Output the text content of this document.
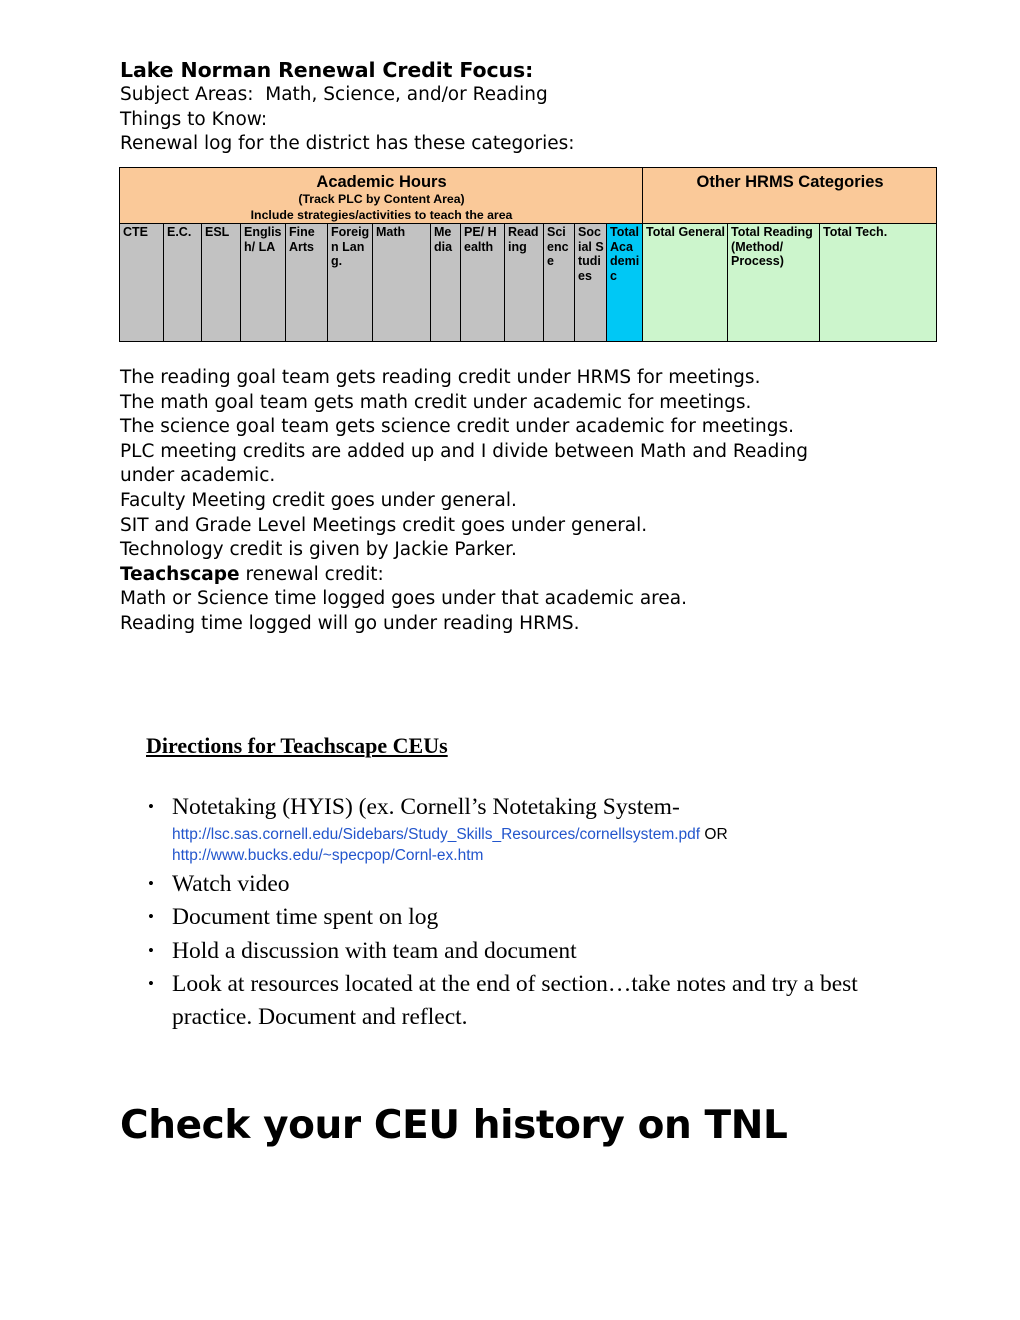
Lake Norman Renewal Credit Focus:
Subject Areas:  Math, Science, and/or Reading
Things to Know:
Renewal log for the district has these categories:
Academic Hours
(Track PLC by Content Area)
Include strategies/activities to teach the area													Other HRMS Categories		

CTE	E.C.	ESL	English/ LA	Fine Arts	Foreign Lang.	Math	Media	PE/ Health	Reading	Science	Social Studies	Total Academic	Total General	Total Reading (Method/ Process)	Total Tech.
The reading goal team gets reading credit under HRMS for meetings.
The math goal team gets math credit under academic for meetings.
The science goal team gets science credit under academic for meetings.
PLC meeting credits are added up and I divide between Math and Reading
under academic.
Faculty Meeting credit goes under general.
SIT and Grade Level Meetings credit goes under general.
Technology credit is given by Jackie Parker.
Teachscape renewal credit:
Math or Science time logged goes under that academic area.
Reading time logged will go under reading HRMS.
Directions for Teachscape CEUs
• Notetaking (HYIS) (ex. Cornell’s Notetaking System-
http://lsc.sas.cornell.edu/Sidebars/Study_Skills_Resources/cornellsystem.pdf OR
http://www.bucks.edu/~specpop/Cornl-ex.htm
• Watch video
• Document time spent on log
• Hold a discussion with team and document
• Look at resources located at the end of section…take notes and try a best practice. Document and reflect.
Check your CEU history on TNL
